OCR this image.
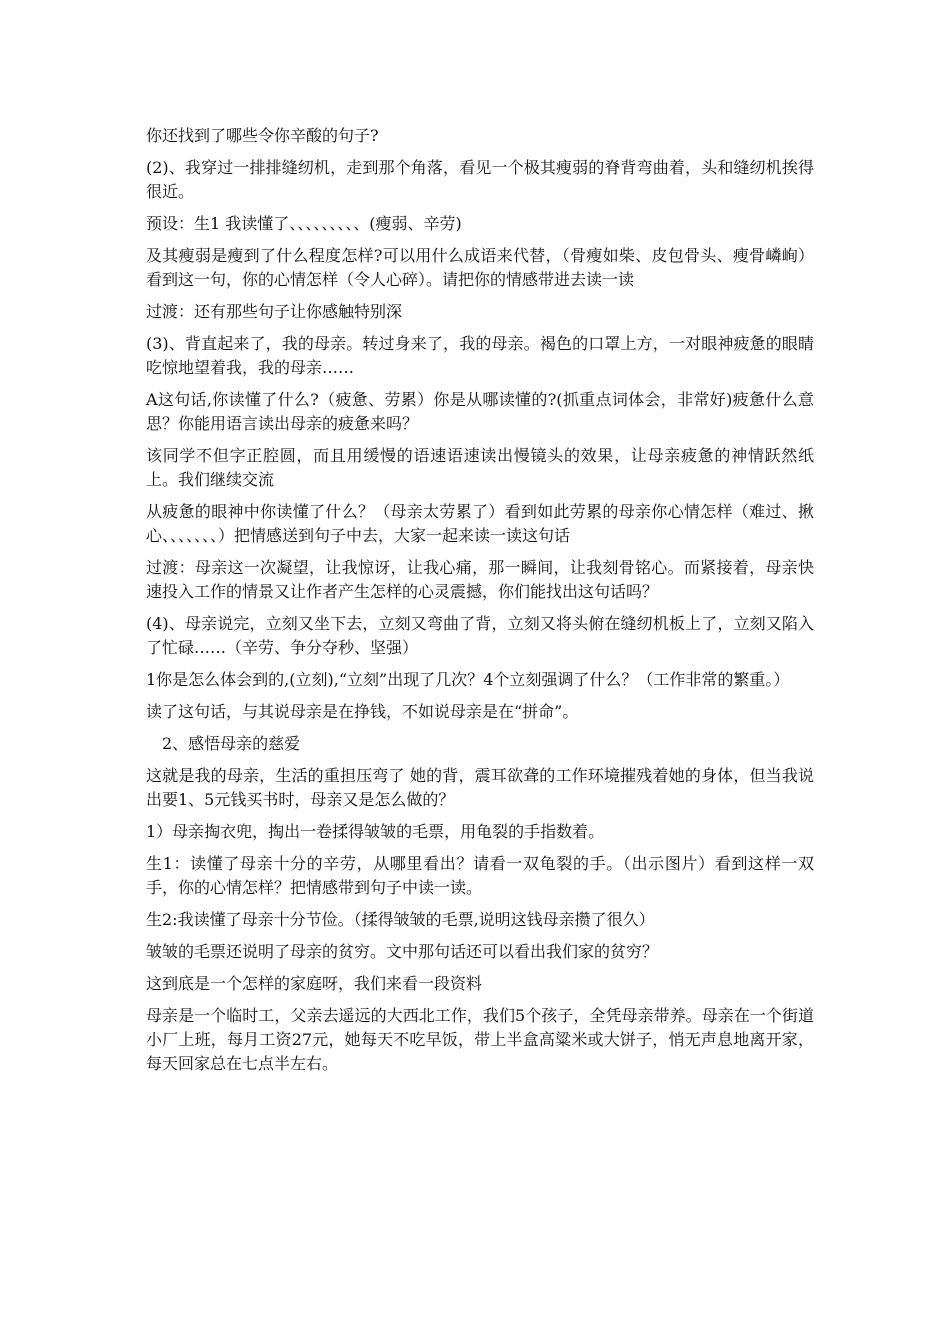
你还找到了哪些令你辛酸的句子?

(2)、我穿过一排排缝纫机，走到那个角落，看见一个极其瘦弱的脊背弯曲着，头和缝纫机挨得很近。

预设：生1 我读懂了、、、、、、、、、(瘦弱、辛劳)

及其瘦弱是瘦到了什么程度怎样?可以用什么成语来代替，（骨瘦如柴、皮包骨头、瘦骨嶙峋）看到这一句，你的心情怎样（令人心碎）。请把你的情感带进去读一读

过渡：还有那些句子让你感触特别深

(3)、背直起来了，我的母亲。转过身来了，我的母亲。褐色的口罩上方，一对眼神疲惫的眼睛吃惊地望着我，我的母亲……

A这句话,你读懂了什么?（疲惫、劳累）你是从哪读懂的?(抓重点词体会，非常好)疲惫什么意思？你能用语言读出母亲的疲惫来吗？

该同学不但字正腔圆，而且用缓慢的语速语速读出慢镜头的效果，让母亲疲惫的神情跃然纸上。我们继续交流

从疲惫的眼神中你读懂了什么？（母亲太劳累了）看到如此劳累的母亲你心情怎样（难过、揪心、、、、、、、）把情感送到句子中去，大家一起来读一读这句话

过渡：母亲这一次凝望，让我惊讶，让我心痛，那一瞬间，让我刻骨铭心。而紧接着，母亲快速投入工作的情景又让作者产生怎样的心灵震撼，你们能找出这句话吗？

(4)、母亲说完，立刻又坐下去，立刻又弯曲了背，立刻又将头俯在缝纫机板上了，立刻又陷入了忙碌……（辛劳、争分夺秒、坚强）

1你是怎么体会到的,(立刻),“立刻”出现了几次？4个立刻强调了什么？（工作非常的繁重。）

读了这句话，与其说母亲是在挣钱，不如说母亲是在“拼命”。

2、感悟母亲的慈爱

这就是我的母亲，生活的重担压弯了 她的背，震耳欲聋的工作环境摧残着她的身体，但当我说出要1、5元钱买书时，母亲又是怎么做的？

1）母亲掏衣兜，掏出一卷揉得皱皱的毛票，用龟裂的手指数着。

生1：读懂了母亲十分的辛劳，从哪里看出？请看一双龟裂的手。（出示图片）看到这样一双手，你的心情怎样？把情感带到句子中读一读。

生2:我读懂了母亲十分节俭。（揉得皱皱的毛票,说明这钱母亲攒了很久）

皱皱的毛票还说明了母亲的贫穷。文中那句话还可以看出我们家的贫穷？

这到底是一个怎样的家庭呀，我们来看一段资料

母亲是一个临时工，父亲去遥远的大西北工作，我们5个孩子，全凭母亲带养。母亲在一个街道小厂上班，每月工资27元，她每天不吃早饭，带上半盒高粱米或大饼子，悄无声息地离开家，每天回家总在七点半左右。
